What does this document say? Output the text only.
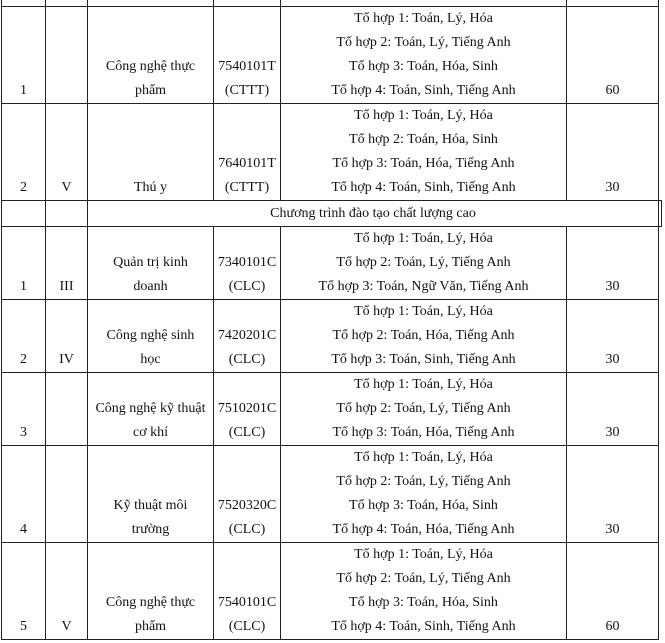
1		Công nghệ thực
phẩm	7540101T
(CTTT)	Tổ hợp 1: Toán, Lý, Hóa
Tổ hợp 2: Toán, Lý, Tiếng Anh
Tổ hợp 3: Toán, Hóa, Sinh
Tổ hợp 4: Toán, Sinh, Tiếng Anh	60	
2	V	Thú y	7640101T
(CTTT)	Tổ hợp 1: Toán, Lý, Hóa
Tổ hợp 2: Toán, Hóa, Sinh
Tổ hợp 3: Toán, Hóa, Tiếng Anh
Tổ hợp 4: Toán, Sinh, Tiếng Anh	30	
		Chương trình đào tạo chất lượng cao				
1	III	Quản trị kinh
doanh	7340101C
(CLC)	Tổ hợp 1: Toán, Lý, Hóa
Tổ hợp 2: Toán, Lý, Tiếng Anh
Tổ hợp 3: Toán, Ngữ Văn, Tiếng Anh	30	
2	IV	Công nghệ sinh
học	7420201C
(CLC)	Tổ hợp 1: Toán, Lý, Hóa
Tổ hợp 2: Toán, Hóa, Tiếng Anh
Tổ hợp 3: Toán, Sinh, Tiếng Anh	30	
3		Công nghệ kỹ thuật
cơ khí	7510201C
(CLC)	Tổ hợp 1: Toán, Lý, Hóa
Tổ hợp 2: Toán, Lý, Tiếng Anh
Tổ hợp 3: Toán, Hóa, Tiếng Anh	30	
4		Kỹ thuật môi
trường	7520320C
(CLC)	Tổ hợp 1: Toán, Lý, Hóa
Tổ hợp 2: Toán, Lý, Tiếng Anh
Tổ hợp 3: Toán, Hóa, Sinh
Tổ hợp 4: Toán, Hóa, Tiếng Anh	30	
5	V	Công nghệ thực
phẩm	7540101C
(CLC)	Tổ hợp 1: Toán, Lý, Hóa
Tổ hợp 2: Toán, Lý, Tiếng Anh
Tổ hợp 3: Toán, Hóa, Sinh
Tổ hợp 4: Toán, Sinh, Tiếng Anh	60	
